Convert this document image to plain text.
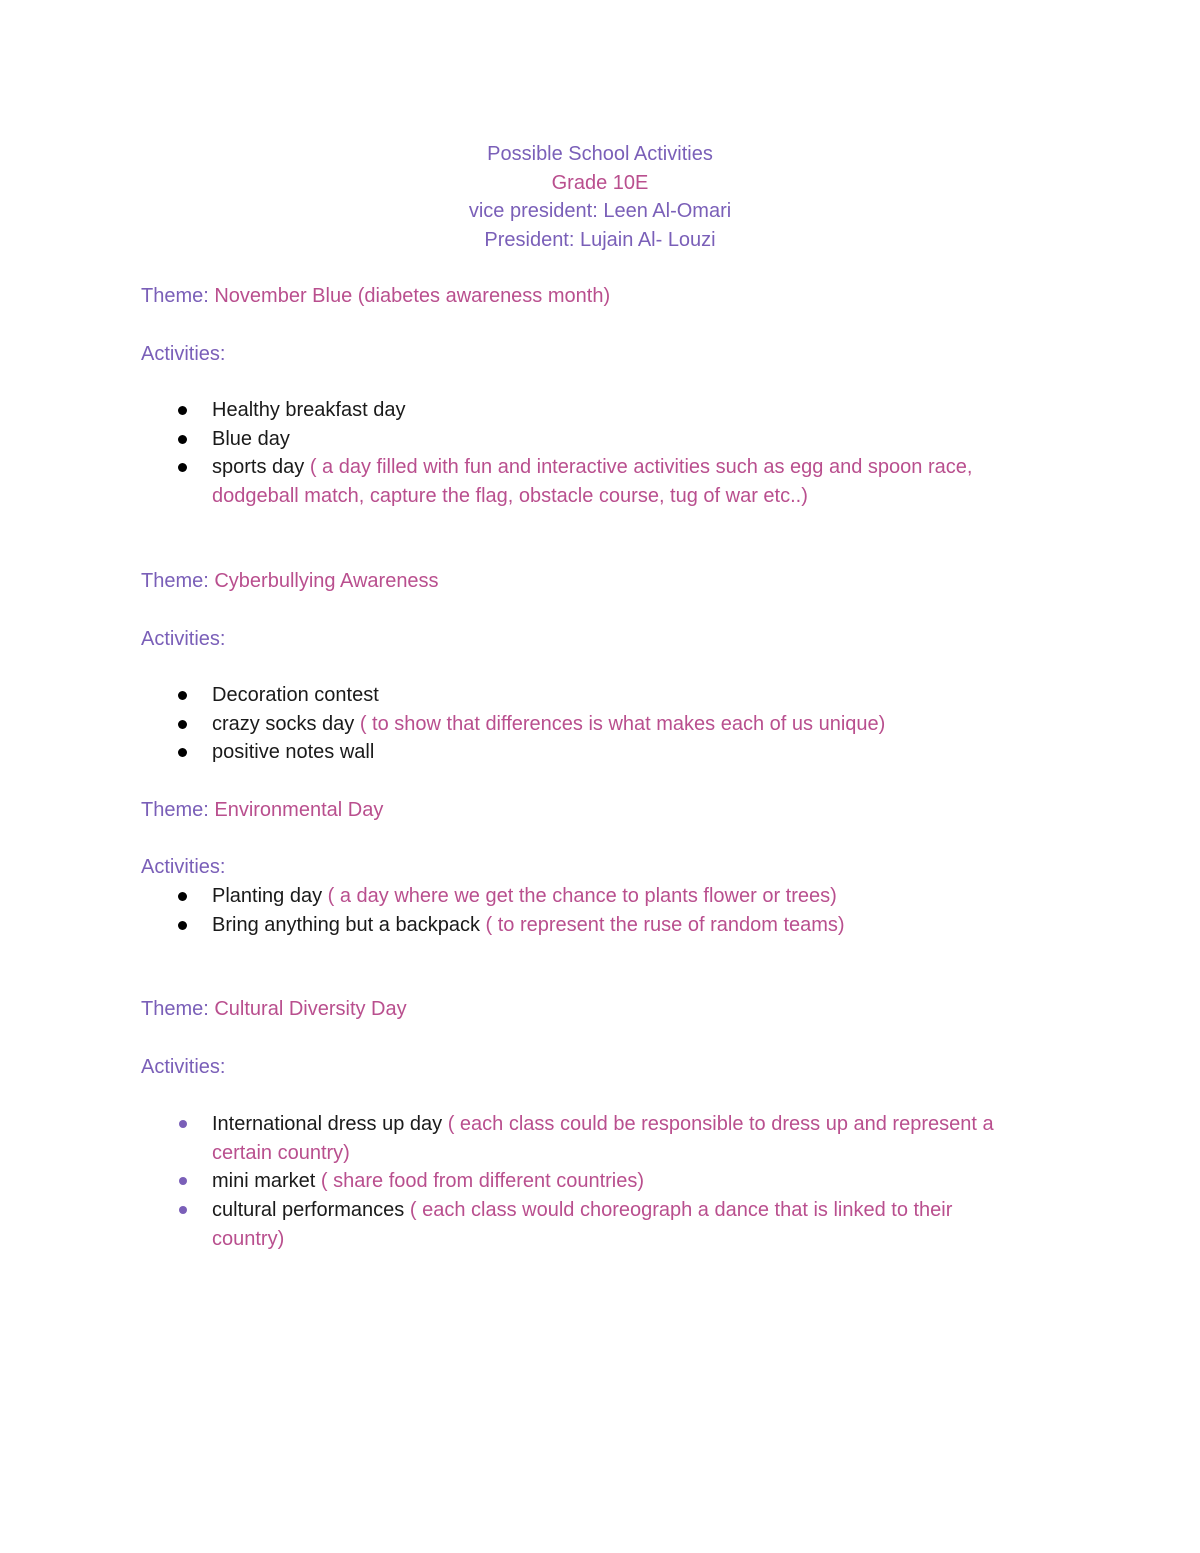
Possible School Activities
Grade 10E
vice president: Leen Al-Omari
President: Lujain Al- Louzi
Theme: November Blue (diabetes awareness month)
Activities:
Healthy breakfast day
Blue day
sports day ( a day filled with fun and interactive activities such as egg and spoon race,
dodgeball match, capture the flag, obstacle course, tug of war etc..)
Theme: Cyberbullying Awareness
Activities:
Decoration contest
crazy socks day ( to show that differences is what makes each of us unique)
positive notes wall
Theme: Environmental Day
Activities:
Planting day ( a day where we get the chance to plants flower or trees)
Bring anything but a backpack ( to represent the ruse of random teams)
Theme: Cultural Diversity Day
Activities:
International dress up day ( each class could be responsible to dress up and represent a
certain country)
mini market ( share food from different countries)
cultural performances ( each class would choreograph a dance that is linked to their
country)
